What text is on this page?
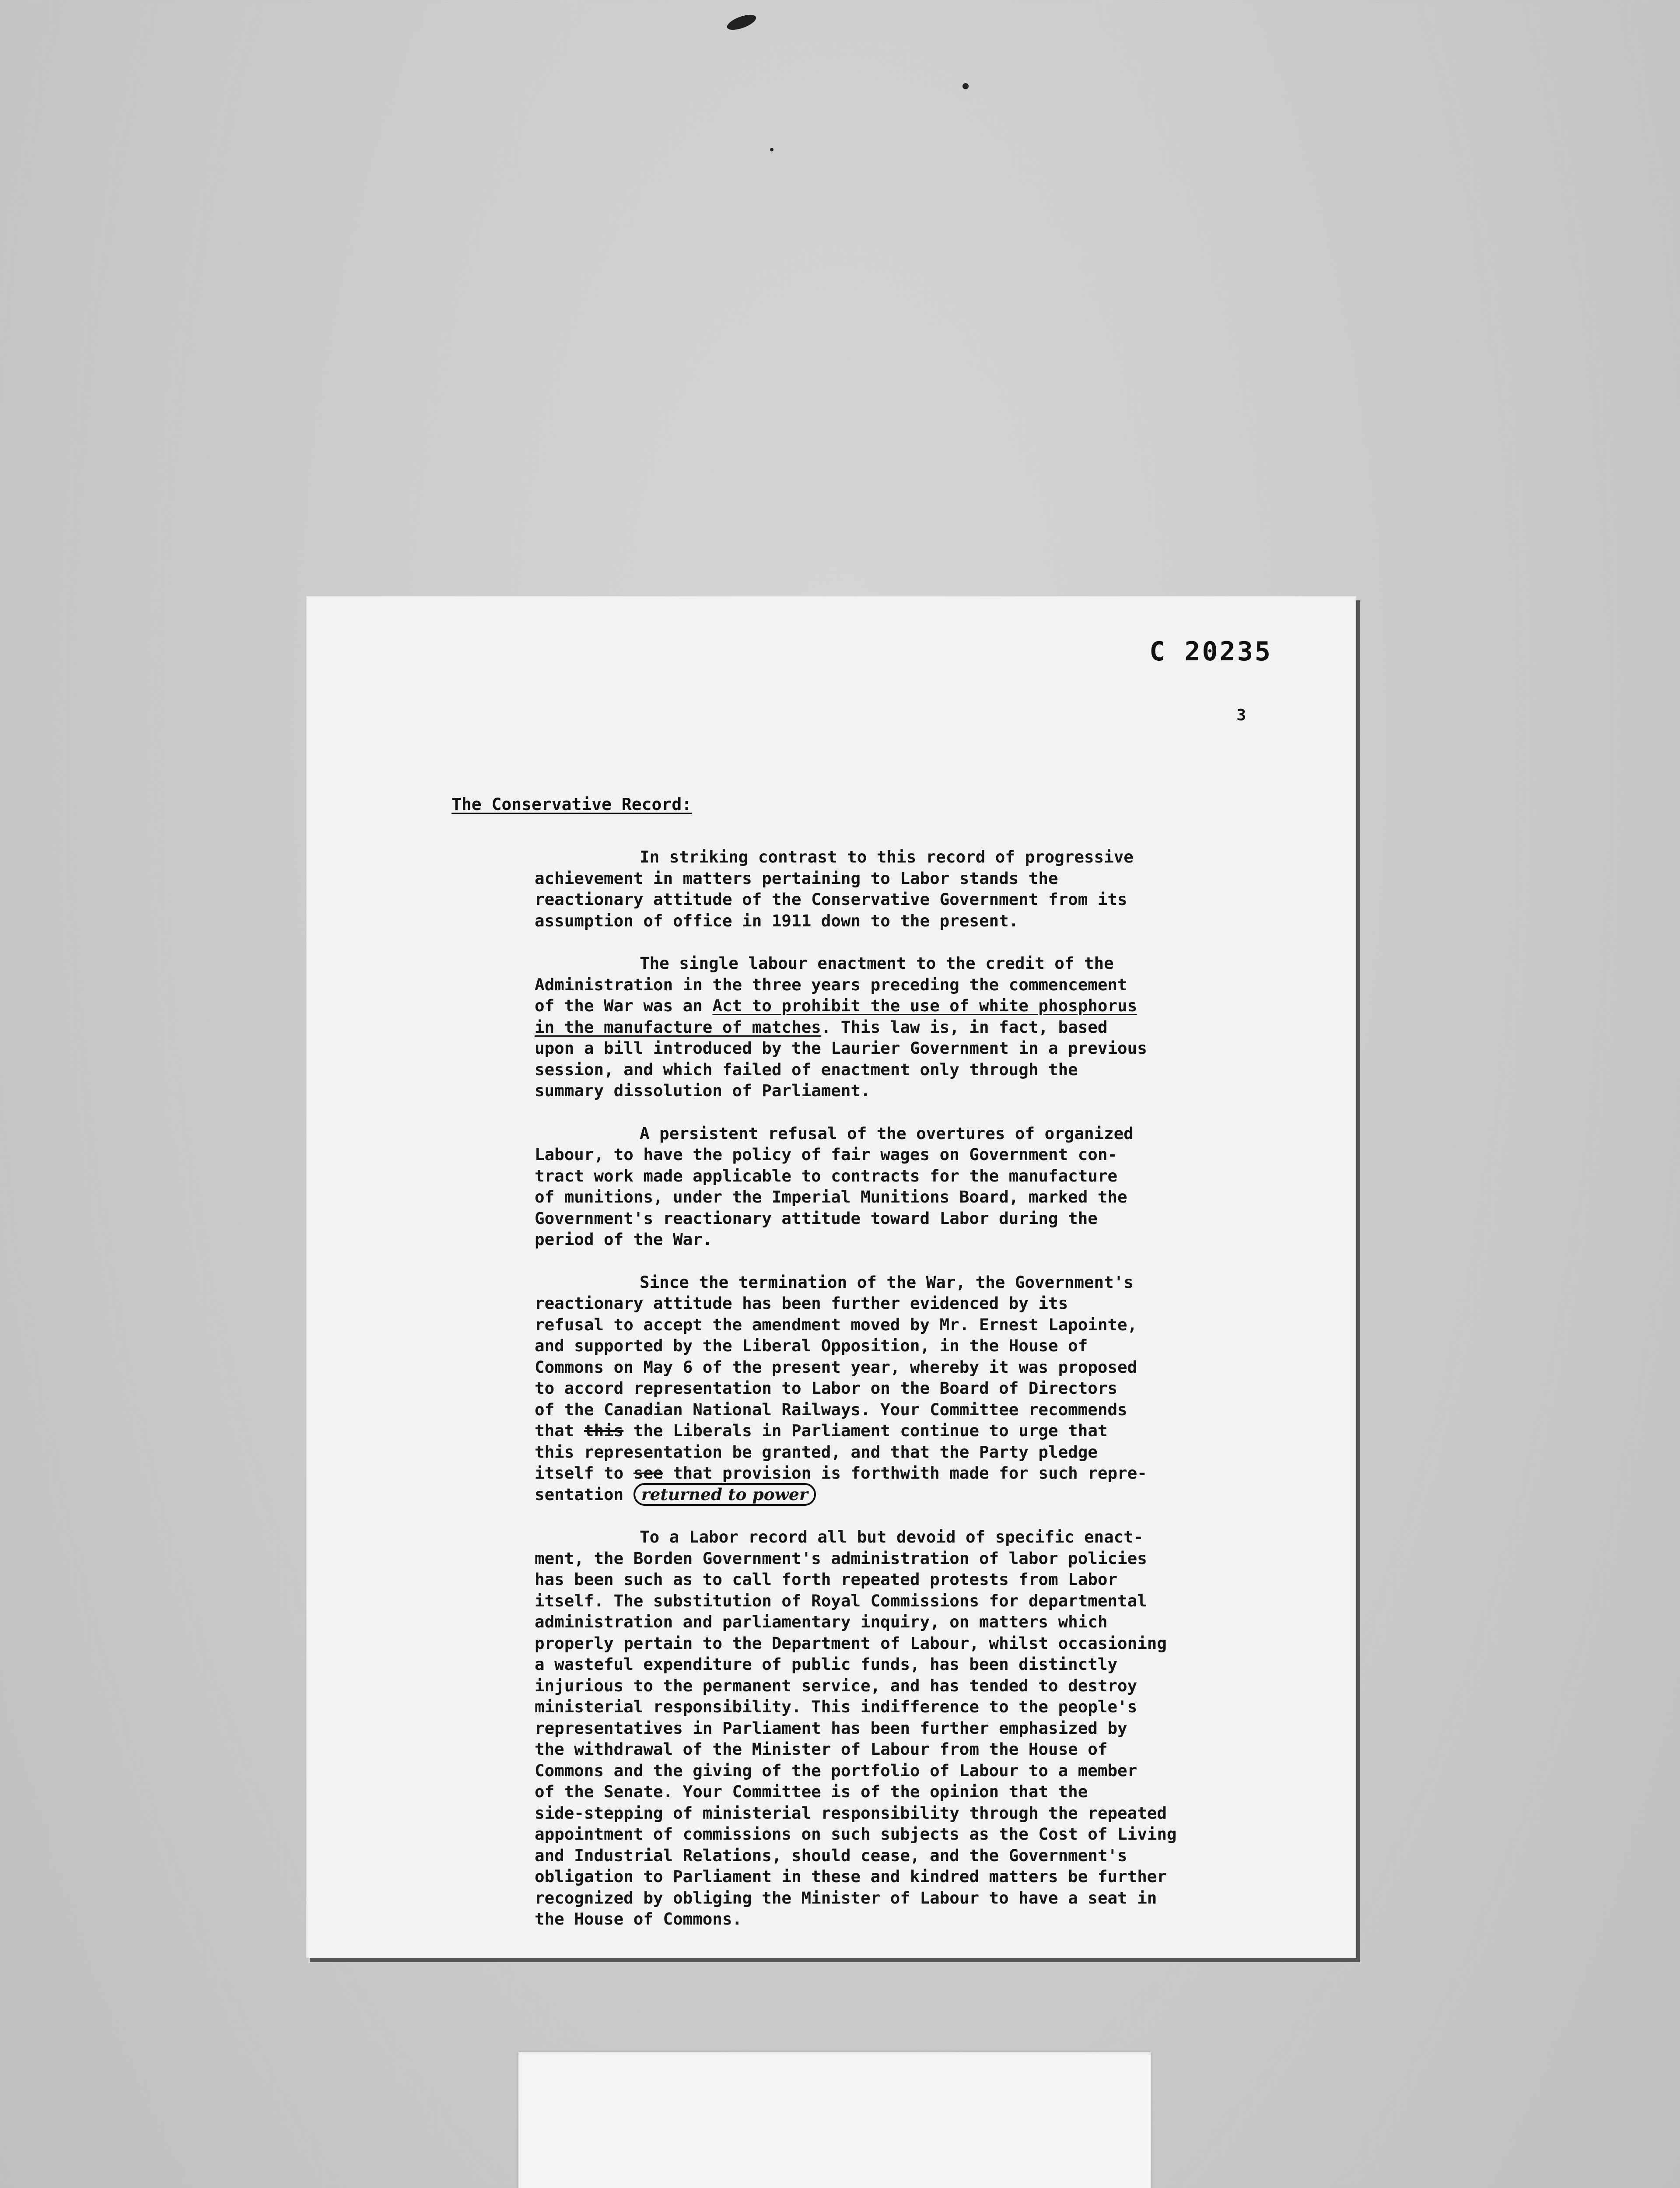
C 20235
3
The Conservative Record:

In striking contrast to this record of progressive
achievement in matters pertaining to Labor stands the
reactionary attitude of the Conservative Government from its
assumption of office in 1911 down to the present.

The single labour enactment to the credit of the
Administration in the three years preceding the commencement
of the War was an Act to prohibit the use of white phosphorus
in the manufacture of matches. This law is, in fact, based
upon a bill introduced by the Laurier Government in a previous
session, and which failed of enactment only through the
summary dissolution of Parliament.

A persistent refusal of the overtures of organized
Labour, to have the policy of fair wages on Government con-
tract work made applicable to contracts for the manufacture
of munitions, under the Imperial Munitions Board, marked the
Government's reactionary attitude toward Labor during the
period of the War.

Since the termination of the War, the Government's
reactionary attitude has been further evidenced by its
refusal to accept the amendment moved by Mr. Ernest Lapointe,
and supported by the Liberal Opposition, in the House of
Commons on May 6 of the present year, whereby it was proposed
to accord representation to Labor on the Board of Directors
of the Canadian National Railways. Your Committee recommends
that this the Liberals in Parliament continue to urge that
this representation be granted, and that the Party pledge
itself to see that provision is forthwith made for such repre-
sentation returned to power

To a Labor record all but devoid of specific enact-
ment, the Borden Government's administration of labor policies
has been such as to call forth repeated protests from Labor
itself. The substitution of Royal Commissions for departmental
administration and parliamentary inquiry, on matters which
properly pertain to the Department of Labour, whilst occasioning
a wasteful expenditure of public funds, has been distinctly
injurious to the permanent service, and has tended to destroy
ministerial responsibility. This indifference to the people's
representatives in Parliament has been further emphasized by
the withdrawal of the Minister of Labour from the House of
Commons and the giving of the portfolio of Labour to a member
of the Senate. Your Committee is of the opinion that the
side-stepping of ministerial responsibility through the repeated
appointment of commissions on such subjects as the Cost of Living
and Industrial Relations, should cease, and the Government's
obligation to Parliament in these and kindred matters be further
recognized by obliging the Minister of Labour to have a seat in
the House of Commons.
